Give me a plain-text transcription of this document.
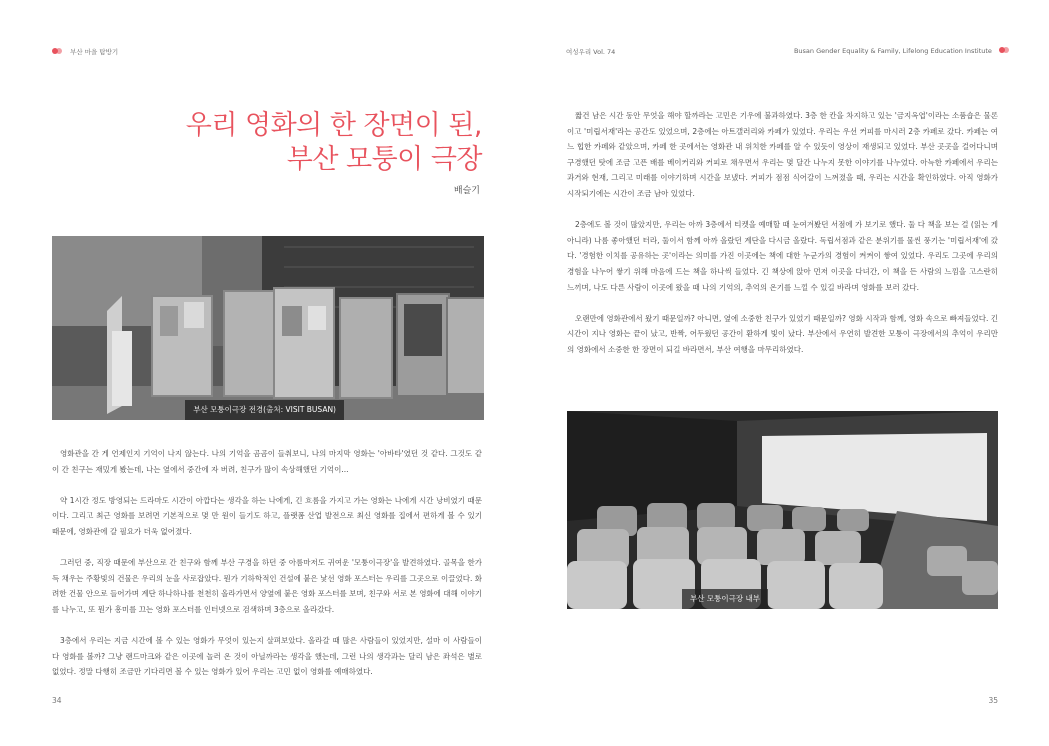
부산 마을 탐방기	여성우리 Vol. 74	Busan Gender Equality & Family, Lifelong Education Institute
우리 영화의 한 장면이 된,
부산 모퉁이 극장
배슬기
부산 모퉁이극장 전경(출처: VISIT BUSAN)

영화관을 간 게 언제인지 기억이 나지 않는다. 나의 기억을 곰곰이 들춰보니, 나의 마지막 영화는 '아바타'였던 것 같다. 그것도 같이 간 친구는 재밌게 봤는데, 나는 옆에서 중간에 자 버려, 친구가 많이 속상해했던 기억이...

약 1시간 정도 방영되는 드라마도 시간이 아깝다는 생각을 하는 나에게, 긴 흐름을 가지고 가는 영화는 나에게 시간 낭비였기 때문이다. 그리고 최근 영화를 보려면 기본적으로 몇 만 원이 들기도 하고, 플랫폼 산업 발전으로 최신 영화를 집에서 편하게 볼 수 있기 때문에, 영화관에 갈 필요가 더욱 없어졌다.

그러던 중, 직장 때문에 부산으로 간 친구와 함께 부산 구경을 하던 중 아름마저도 귀여운 '모퉁이극장'을 발견하였다. 골목을 한가득 채우는 주황빛의 건물은 우리의 눈을 사로잡았다. 뭔가 기하학적인 건설에 붙은 낯선 영화 포스터는 우리를 그곳으로 이끌었다. 화려한 건물 안으로 들어가며 계단 하나하나를 천천히 올라가면서 양옆에 붙은 영화 포스터를 보며, 친구와 서로 본 영화에 대해 이야기를 나누고, 또 뭔가 흥미를 끄는 영화 포스터를 인터넷으로 검색하며 3층으로 올라갔다.

3층에서 우리는 지금 시간에 볼 수 있는 영화가 무엇이 있는지 살펴보았다. 올라갈 때 많은 사람들이 있었지만, 설마 이 사람들이 다 영화를 볼까? 그냥 랜드마크와 같은 이곳에 놀러 온 것이 아닐까라는 생각을 했는데, 그런 나의 생각과는 달리 남은 좌석은 별로 없었다. 정말 다행히 조금만 기다리면 볼 수 있는 영화가 있어 우리는 고민 없이 영화를 예매하였다.

짧건 남은 시간 동안 무엇을 해야 할까라는 고민은 기우에 불과하였다. 3층 한 칸을 차지하고 있는 '금지옥엽'이라는 소품숍은 물론이고 '미립서재'라는 공간도 있었으며, 2층에는 아트갤러리와 카페가 있었다. 우리는 우선 커피를 마시러 2층 카페로 갔다. 카페는 여느 힙한 카페와 같았으며, 카페 한 곳에서는 영화관 내 위치한 카페를 알 수 있듯이 영상이 재생되고 있었다. 부산 곳곳을 걸어다니며 구경했던 탓에 조금 고픈 배를 베이커리와 커피로 채우면서 우리는 몇 달간 나누지 못한 이야기를 나누었다. 아늑한 카페에서 우리는 과거와 현재, 그리고 미래를 이야기하며 시간을 보냈다. 커피가 점점 식어갈이 느껴졌을 때, 우리는 시간을 확인하였다. 아직 영화가 시작되기에는 시간이 조금 남아 있었다.

2층에도 볼 것이 많았지만, 우리는 아까 3층에서 티켓을 예매할 때 눈여겨봤던 서점에 가 보기로 했다. 둘 다 책을 보는 걸 (읽는 게 아니라) 나름 좋아했던 터라, 둘이서 함께 아까 올랐던 계단을 다시금 올랐다. 독립서점과 같은 분위기를 물씬 풍기는 '미립서재'에 갔다. '경험한 이치를 공유하는 곳'이라는 의미를 가진 이곳에는 책에 대한 누군가의 경험이 켜켜이 쌓여 있었다. 우리도 그곳에 우리의 경험을 나누어 쌓기 위해 마음에 드는 책을 하나씩 들었다. 긴 책상에 앉아 먼저 이곳을 다녀간, 이 책을 든 사람의 느낌을 고스란히 느끼며, 나도 다른 사람이 이곳에 왔을 때 나의 기억의, 추억의 온기를 느낄 수 있길 바라며 영화를 보러 갔다.

오랜만에 영화관에서 왔기 때문일까? 아니면, 옆에 소중한 친구가 있었기 때문일까? 영화 시작과 함께, 영화 속으로 빠져들었다. 긴 시간이 지나 영화는 끝이 났고, 반짝, 어두웠던 공간이 환하게 빛이 났다. 부산에서 우연히 발견한 모퉁이 극장에서의 추억이 우리만의 영화에서 소중한 한 장면이 되길 바라면서, 부산 여행을 마무리하였다.

부산 모퉁이극장 내부
34	35
